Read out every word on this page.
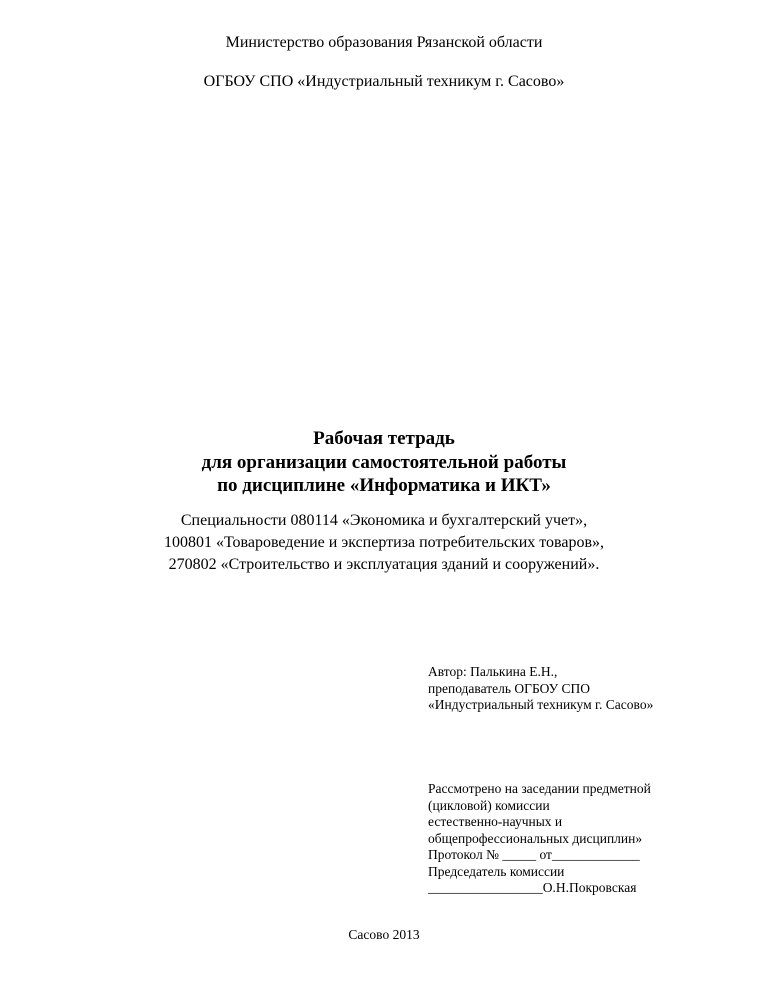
Министерство образования Рязанской области
ОГБОУ СПО «Индустриальный техникум г. Сасово»
Рабочая тетрадь
для организации самостоятельной работы
по дисциплине «Информатика и ИКТ»
Специальности 080114 «Экономика и бухгалтерский учет»,
100801 «Товароведение и экспертиза потребительских товаров»,
270802 «Строительство и эксплуатация зданий и сооружений».
Автор: Палькина Е.Н.,
преподаватель ОГБОУ СПО
«Индустриальный техникум г. Сасово»
Рассмотрено на заседании предметной
(цикловой) комиссии
естественно-научных и
общепрофессиональных дисциплин»
Протокол № _____ от_____________
Председатель комиссии
_________________О.Н.Покровская
Сасово 2013
